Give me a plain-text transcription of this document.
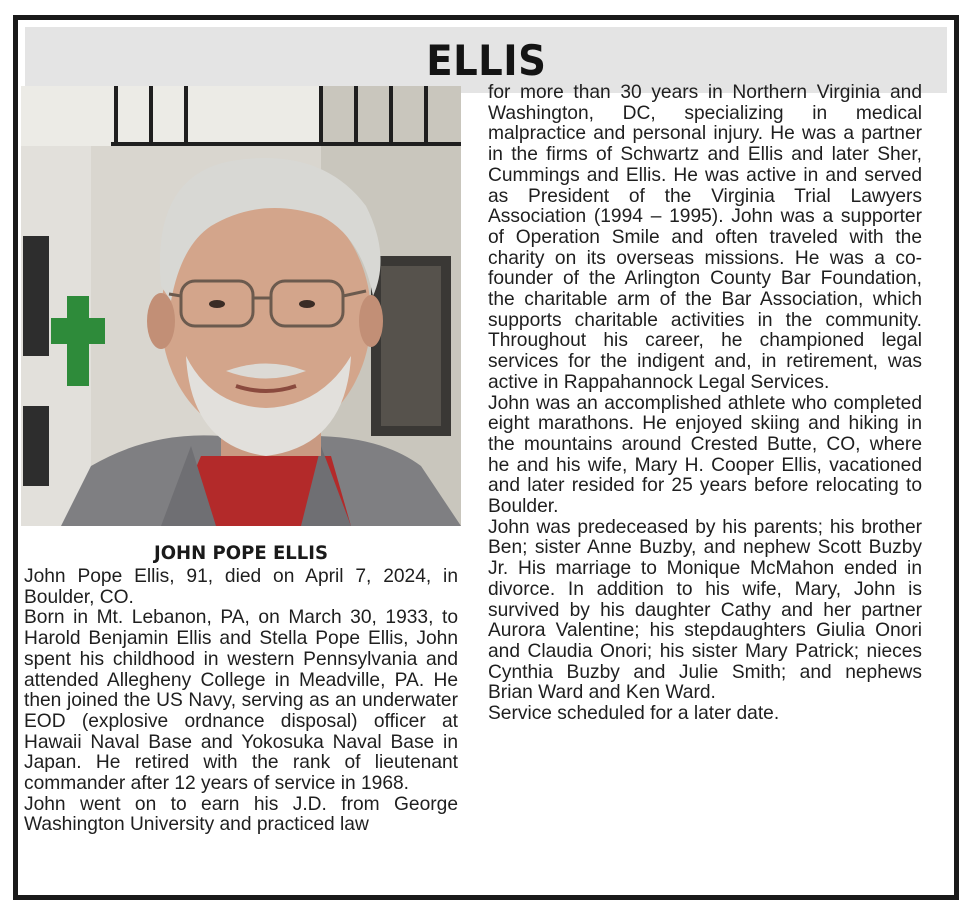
ELLIS
JOHN POPE ELLIS

John Pope Ellis, 91, died on April 7, 2024, in Boulder, CO.

Born in Mt. Lebanon, PA, on March 30, 1933, to Harold Benjamin Ellis and Stella Pope Ellis, John spent his childhood in western Pennsylvania and attended Allegheny College in Meadville, PA. He then joined the US Navy, serving as an underwater EOD (explosive ordnance disposal) officer at Hawaii Naval Base and Yokosuka Naval Base in Japan. He retired with the rank of lieutenant commander after 12 years of service in 1968.

John went on to earn his J.D. from George Washington University and practiced law

for more than 30 years in Northern Virginia and Washington, DC, specializing in medical malpractice and personal injury. He was a partner in the firms of Schwartz and Ellis and later Sher, Cummings and Ellis. He was active in and served as President of the Virginia Trial Lawyers Association (1994 – 1995). John was a supporter of Operation Smile and often traveled with the charity on its overseas missions. He was a co-founder of the Arlington County Bar Foundation, the charitable arm of the Bar Association, which supports charitable activities in the community. Throughout his career, he championed legal services for the indigent and, in retirement, was active in Rappahannock Legal Services.

John was an accomplished athlete who completed eight marathons. He enjoyed skiing and hiking in the mountains around Crested Butte, CO, where he and his wife, Mary H. Cooper Ellis, vacationed and later resided for 25 years before relocating to Boulder.

John was predeceased by his parents; his brother Ben; sister Anne Buzby, and nephew Scott Buzby Jr. His marriage to Monique McMahon ended in divorce. In addition to his wife, Mary, John is survived by his daughter Cathy and her partner Aurora Valentine; his stepdaughters Giulia Onori and Claudia Onori; his sister Mary Patrick; nieces Cynthia Buzby and Julie Smith; and nephews Brian Ward and Ken Ward.

Service scheduled for a later date.
